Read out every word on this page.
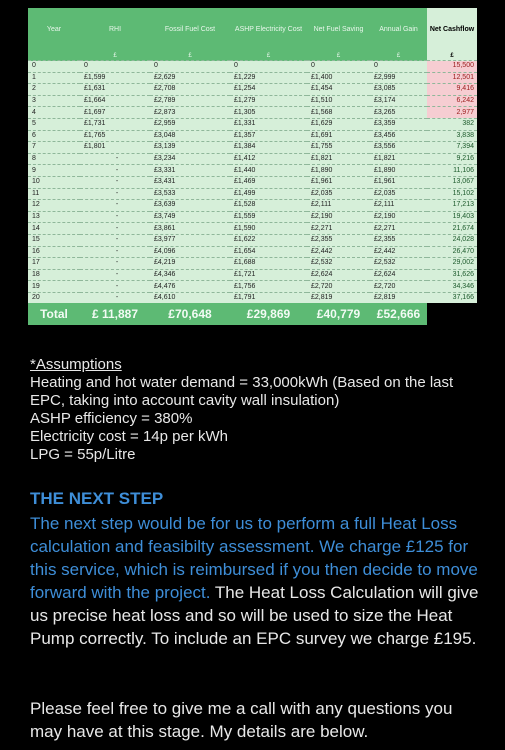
Year	RHI	Fossil Fuel Cost	ASHP Electricity Cost	Net Fuel Saving	Annual Gain	Net Cashflow
	£	£	£	£	£	£
0	0	0	0	0	0	15,500
1	£1,599	£2,629	£1,229	£1,400	£2,999	12,501
2	£1,631	£2,708	£1,254	£1,454	£3,085	9,416
3	£1,664	£2,789	£1,279	£1,510	£3,174	6,242
4	£1,697	£2,873	£1,305	£1,568	£3,265	2,977
5	£1,731	£2,959	£1,331	£1,629	£3,359	382
6	£1,765	£3,048	£1,357	£1,691	£3,456	3,838
7	£1,801	£3,139	£1,384	£1,755	£3,556	7,394
8	-	£3,234	£1,412	£1,821	£1,821	9,216
9	-	£3,331	£1,440	£1,890	£1,890	11,106
10	-	£3,431	£1,469	£1,961	£1,961	13,067
11	-	£3,533	£1,499	£2,035	£2,035	15,102
12	-	£3,639	£1,528	£2,111	£2,111	17,213
13	-	£3,749	£1,559	£2,190	£2,190	19,403
14	-	£3,861	£1,590	£2,271	£2,271	21,674
15	-	£3,977	£1,622	£2,355	£2,355	24,028
16	-	£4,096	£1,654	£2,442	£2,442	26,470
17	-	£4,219	£1,688	£2,532	£2,532	29,002
18	-	£4,346	£1,721	£2,624	£2,624	31,626
19	-	£4,476	£1,756	£2,720	£2,720	34,346
20	-	£4,610	£1,791	£2,819	£2,819	37,166
Total	£ 11,887	£70,648	£29,869	£40,779	£52,666	

*Assumptions

Heating and hot water demand = 33,000kWh (Based on the last
EPC, taking into account cavity wall insulation)
ASHP efficiency = 380%
Electricity cost = 14p per kWh
LPG = 55p/Litre

THE NEXT STEP

The next step would be for us to perform a full Heat Loss calculation and feasibilty assessment. We charge £125 for this service, which is reimbursed if you then decide to move forward with the project. The Heat Loss Calculation will give us precise heat loss and so will be used to size the Heat Pump correctly. To include an EPC survey we charge £195.

Please feel free to give me a call with any questions you may have at this stage. My details are below.
